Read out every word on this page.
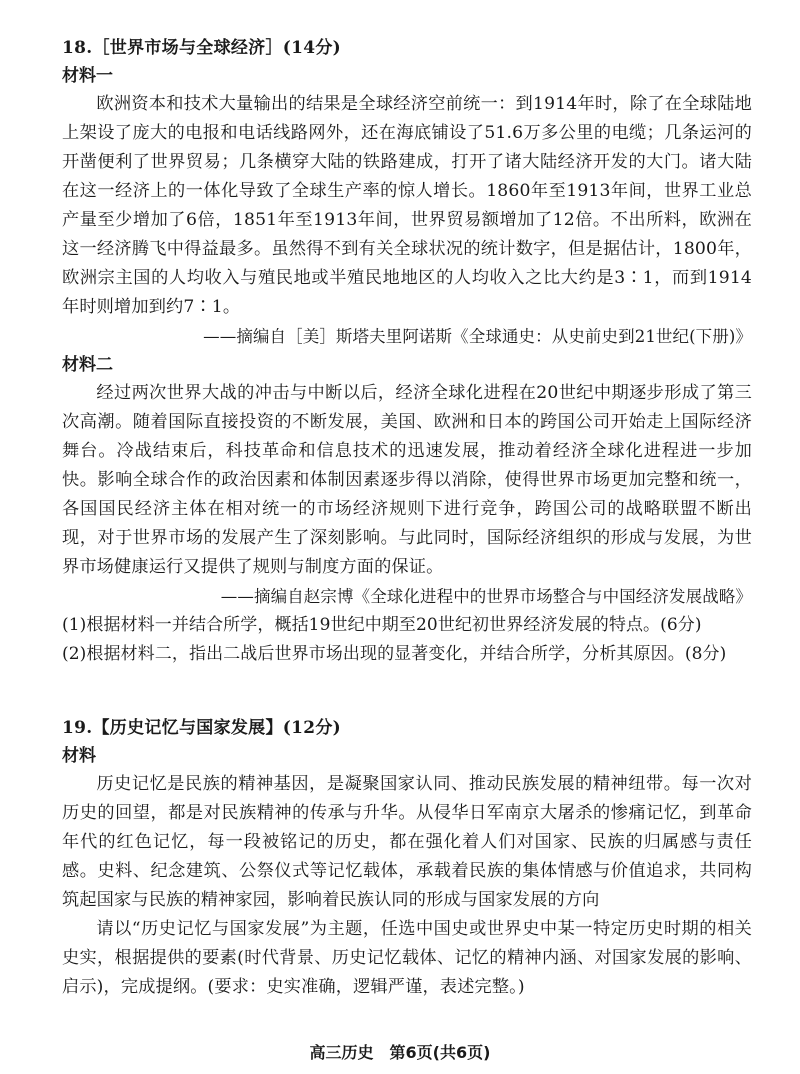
18.［世界市场与全球经济］(14分)
材料一

欧洲资本和技术大量输出的结果是全球经济空前统一：到1914年时，除了在全球陆地上架设了庞大的电报和电话线路网外，还在海底铺设了51.6万多公里的电缆；几条运河的开凿便利了世界贸易；几条横穿大陆的铁路建成，打开了诸大陆经济开发的大门。诸大陆在这一经济上的一体化导致了全球生产率的惊人增长。1860年至1913年间，世界工业总产量至少增加了6倍，1851年至1913年间，世界贸易额增加了12倍。不出所料，欧洲在这一经济腾飞中得益最多。虽然得不到有关全球状况的统计数字，但是据估计，1800年，欧洲宗主国的人均收入与殖民地或半殖民地地区的人均收入之比大约是3∶1，而到1914年时则增加到约7∶1。

——摘编自［美］斯塔夫里阿诺斯《全球通史：从史前史到21世纪(下册)》
材料二

经过两次世界大战的冲击与中断以后，经济全球化进程在20世纪中期逐步形成了第三次高潮。随着国际直接投资的不断发展，美国、欧洲和日本的跨国公司开始走上国际经济舞台。冷战结束后，科技革命和信息技术的迅速发展，推动着经济全球化进程进一步加快。影响全球合作的政治因素和体制因素逐步得以消除，使得世界市场更加完整和统一，各国国民经济主体在相对统一的市场经济规则下进行竞争，跨国公司的战略联盟不断出现，对于世界市场的发展产生了深刻影响。与此同时，国际经济组织的形成与发展，为世界市场健康运行又提供了规则与制度方面的保证。

——摘编自赵宗博《全球化进程中的世界市场整合与中国经济发展战略》
(1)根据材料一并结合所学，概括19世纪中期至20世纪初世界经济发展的特点。(6分)
(2)根据材料二，指出二战后世界市场出现的显著变化，并结合所学，分析其原因。(8分)
19.【历史记忆与国家发展】(12分)
材料

历史记忆是民族的精神基因，是凝聚国家认同、推动民族发展的精神纽带。每一次对历史的回望，都是对民族精神的传承与升华。从侵华日军南京大屠杀的惨痛记忆，到革命年代的红色记忆，每一段被铭记的历史，都在强化着人们对国家、民族的归属感与责任感。史料、纪念建筑、公祭仪式等记忆载体，承载着民族的集体情感与价值追求，共同构筑起国家与民族的精神家园，影响着民族认同的形成与国家发展的方向

请以“历史记忆与国家发展”为主题，任选中国史或世界史中某一特定历史时期的相关史实，根据提供的要素(时代背景、历史记忆载体、记忆的精神内涵、对国家发展的影响、启示)，完成提纲。(要求：史实准确，逻辑严谨，表述完整。)

高三历史　第6页(共6页)
